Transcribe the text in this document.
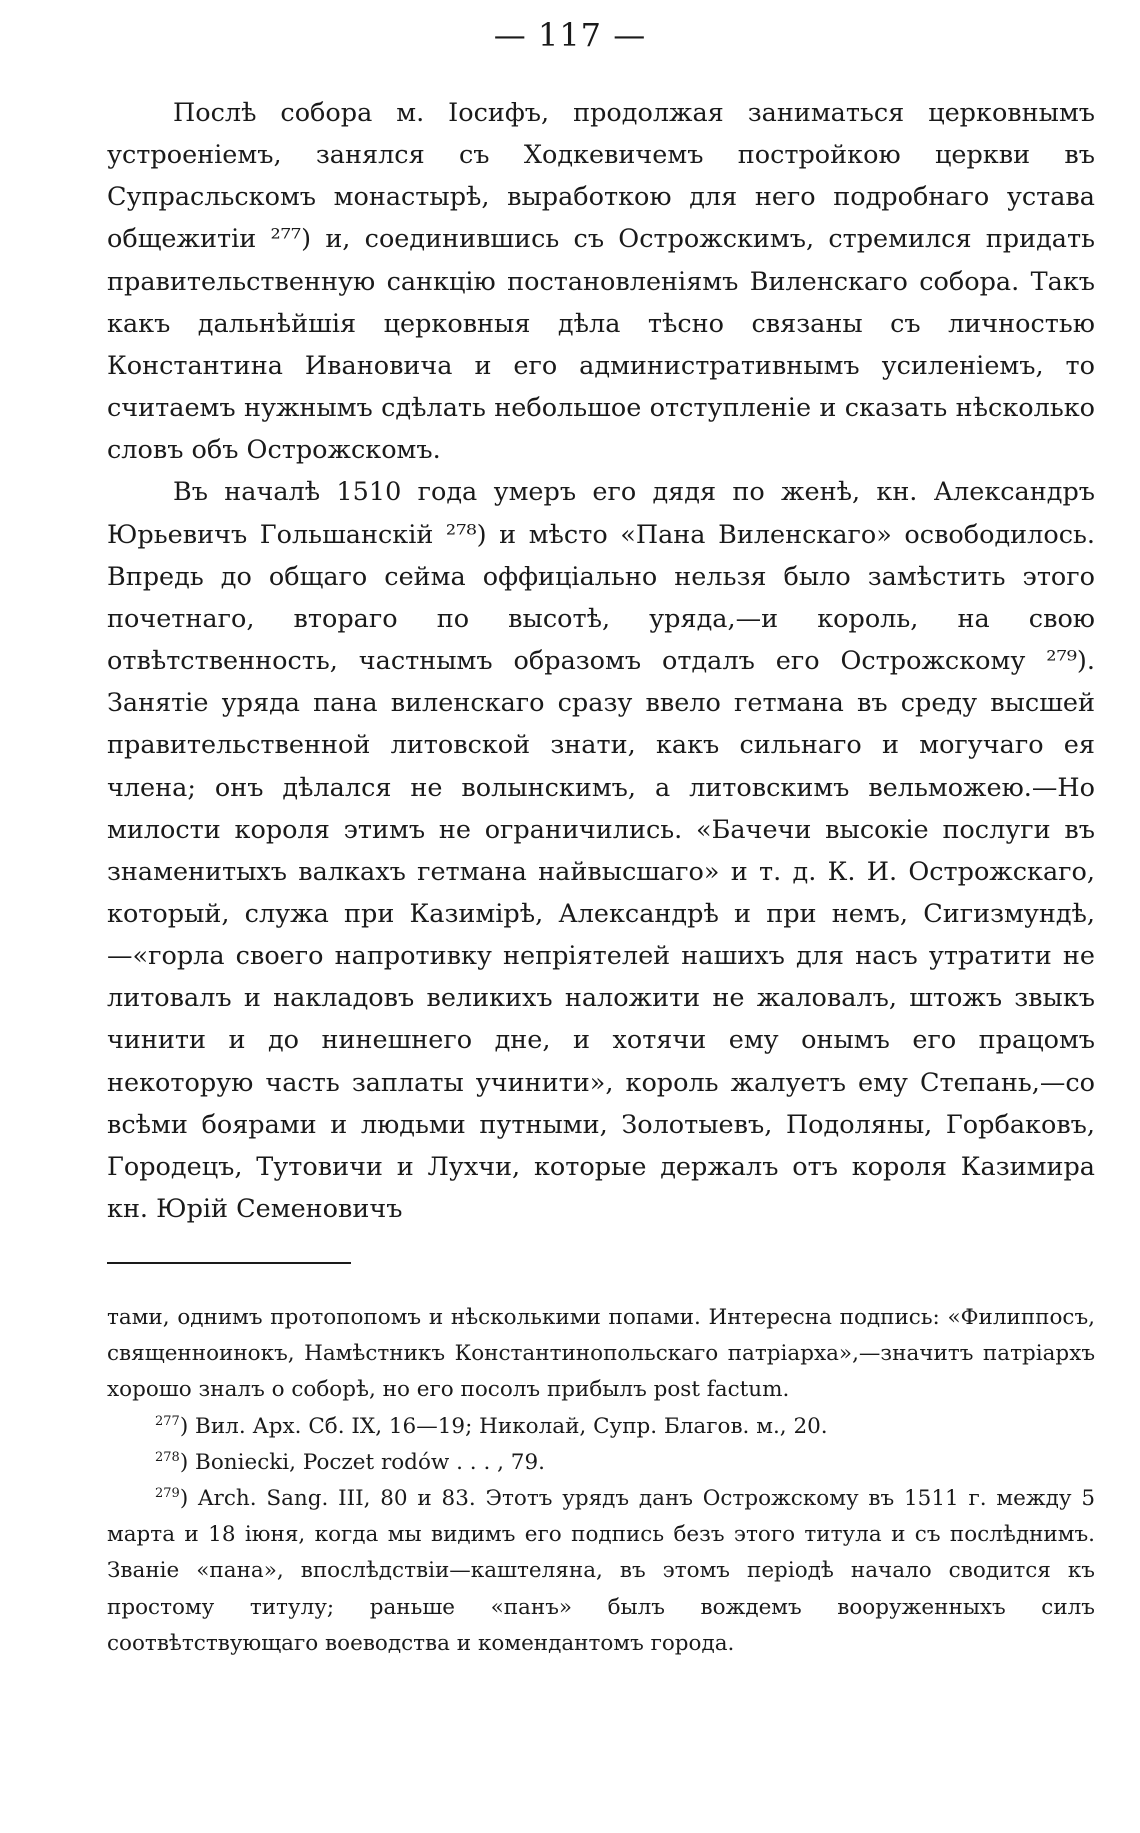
— 117 —

Послѣ собора м. Іосифъ, продолжая заниматься церковнымъ устроеніемъ, занялся съ Ходкевичемъ постройкою церкви въ Супрасльскомъ монастырѣ, выработкою для него подробнаго устава общежитіи ²⁷⁷) и, соединившись съ Острожскимъ, стремился придать правительственную санкцію постановленіямъ Виленскаго собора. Такъ какъ дальнѣйшія церковныя дѣла тѣсно связаны съ личностью Константина Ивановича и его административнымъ усиленіемъ, то считаемъ нужнымъ сдѣлать небольшое отступленіе и сказать нѣсколько словъ объ Острожскомъ.

Въ началѣ 1510 года умеръ его дядя по женѣ, кн. Александръ Юрьевичъ Гольшанскій ²⁷⁸) и мѣсто «Пана Виленскаго» освободилось. Впредь до общаго сейма оффиціально нельзя было замѣстить этого почетнаго, втораго по высотѣ, уряда,—и король, на свою отвѣтственность, частнымъ образомъ отдалъ его Острожскому ²⁷⁹). Занятіе уряда пана виленскаго сразу ввело гетмана въ среду высшей правительственной литовской знати, какъ сильнаго и могучаго ея члена; онъ дѣлался не волынскимъ, а литовскимъ вельможею.—Но милости короля этимъ не ограничились. «Бачечи высокіе послуги въ знаменитыхъ валкахъ гетмана найвысшаго» и т. д. К. И. Острожскаго, который, служа при Казимірѣ, Александрѣ и при немъ, Сигизмундѣ,—«горла своего напротивку непріятелей нашихъ для насъ утратити не литовалъ и накладовъ великихъ наложити не жаловалъ, штожъ звыкъ чинити и до нинешнего дне, и хотячи ему онымъ его працомъ некоторую часть заплаты учинити», король жалуетъ ему Степань,—со всѣми боярами и людьми путными, Золотыевъ, Подоляны, Горбаковъ, Городецъ, Тутовичи и Лухчи, которые держалъ отъ короля Казимира кн. Юрій Семеновичъ

тами, однимъ протопопомъ и нѣсколькими попами. Интересна подпись: «Филиппосъ, священноинокъ, Намѣстникъ Константинопольскаго патріарха»,—значитъ патріархъ хорошо зналъ о соборѣ, но его посолъ прибылъ post factum.

$^{277}$) Вил. Арх. Сб. IX, 16—19; Николай, Супр. Благов. м., 20.

$^{278}$) Boniecki, Poczet rodów . . . , 79.

$^{279}$) Arch. Sang. III, 80 и 83. Этотъ урядъ данъ Острожскому въ 1511 г. между 5 марта и 18 іюня, когда мы видимъ его подпись безъ этого титула и съ послѣднимъ. Званіе «пана», впослѣдствіи—каштеляна, въ этомъ періодѣ начало сводится къ простому титулу; раньше «панъ» былъ вождемъ вооруженныхъ силъ соотвѣтствующаго воеводства и комендантомъ города.
